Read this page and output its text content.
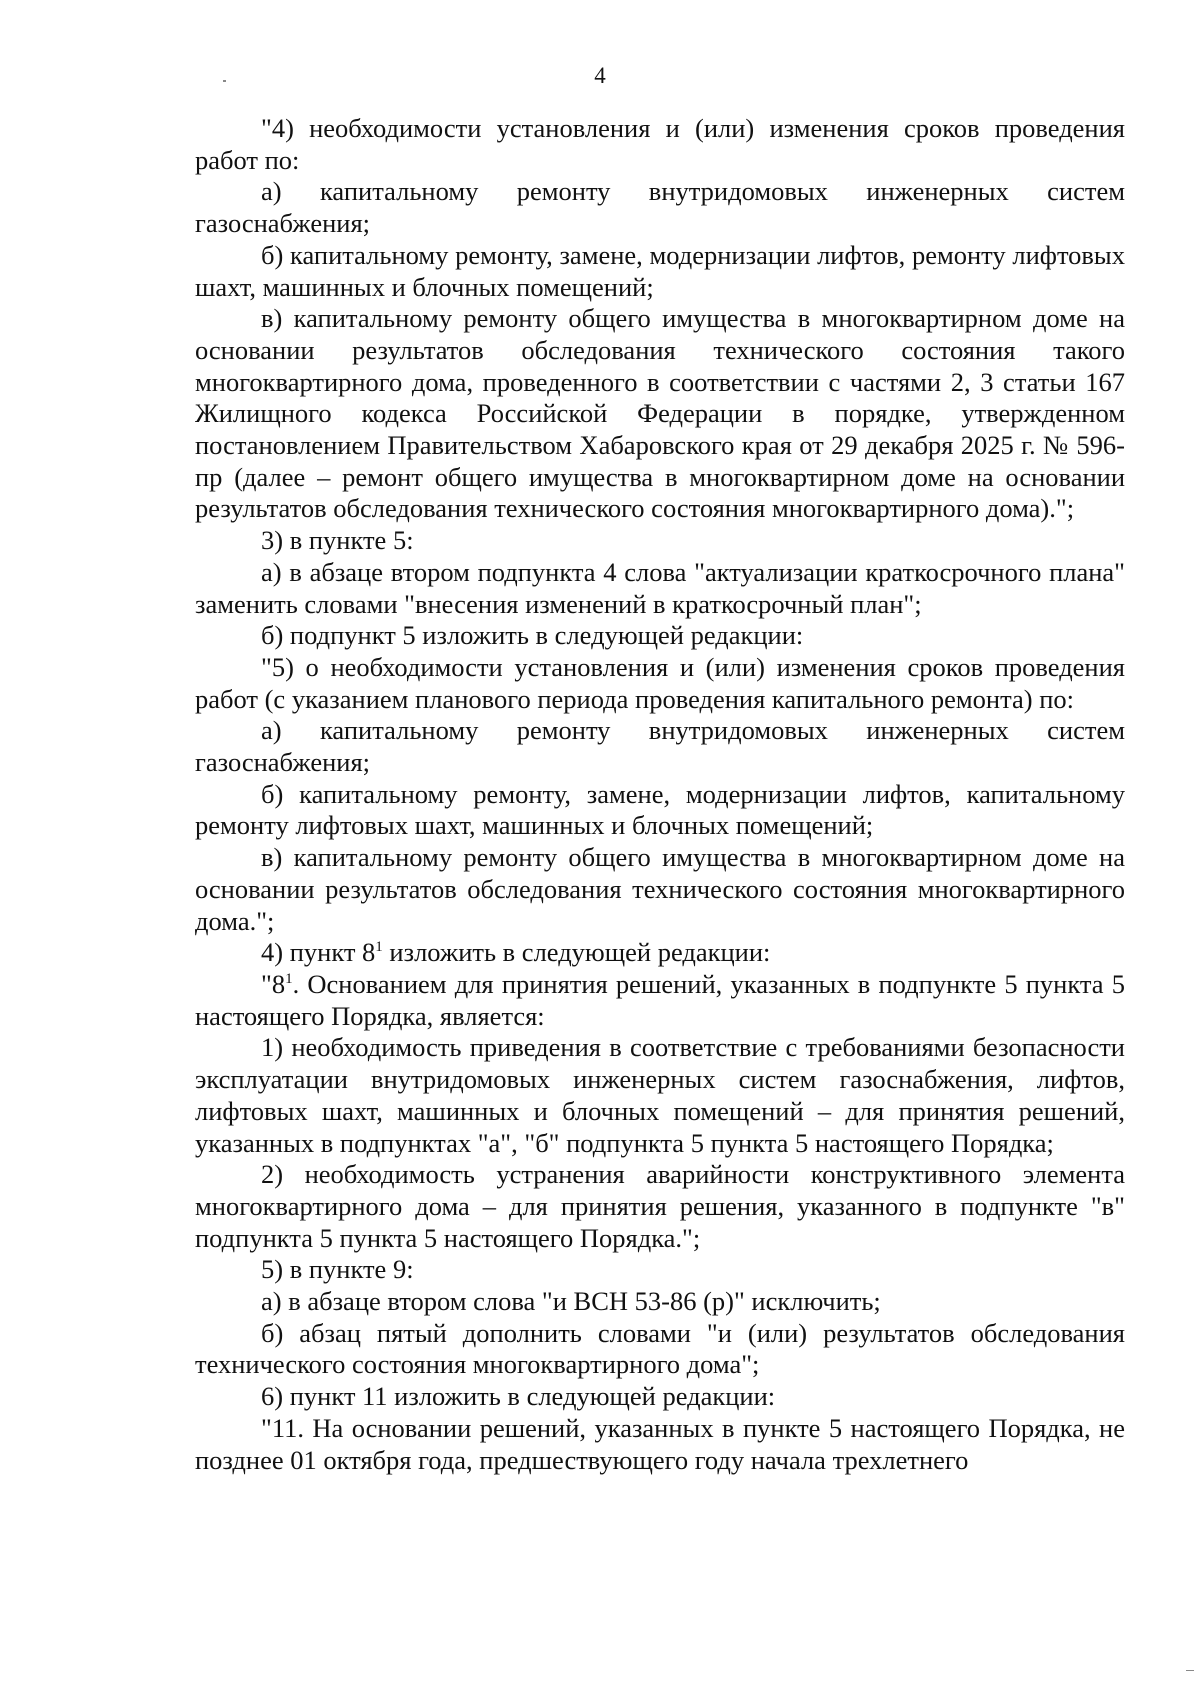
4

"4) необходимости установления и (или) изменения сроков проведения работ по:

а) капитальному ремонту внутридомовых инженерных систем газоснабжения;

б) капитальному ремонту, замене, модернизации лифтов, ремонту лифтовых шахт, машинных и блочных помещений;

в) капитальному ремонту общего имущества в многоквартирном доме на основании результатов обследования технического состояния такого многоквартирного дома, проведенного в соответствии с частями 2, 3 статьи 167 Жилищного кодекса Российской Федерации в порядке, утвержденном постановлением Правительством Хабаровского края от 29 декабря 2025 г. № 596-пр (далее – ремонт общего имущества в многоквартирном доме на основании результатов обследования технического состояния многоквартирного дома).";

3) в пункте 5:

а) в абзаце втором подпункта 4 слова "актуализации краткосрочного плана" заменить словами "внесения изменений в краткосрочный план";

б) подпункт 5 изложить в следующей редакции:

"5) о необходимости установления и (или) изменения сроков проведения работ (с указанием планового периода проведения капитального ремонта) по:

а) капитальному ремонту внутридомовых инженерных систем газоснабжения;

б) капитальному ремонту, замене, модернизации лифтов, капитальному ремонту лифтовых шахт, машинных и блочных помещений;

в) капитальному ремонту общего имущества в многоквартирном доме на основании результатов обследования технического состояния многоквартирного дома.";

4) пункт $8^1$ изложить в следующей редакции:

"$8^1$. Основанием для принятия решений, указанных в подпункте 5 пункта 5 настоящего Порядка, является:

1) необходимость приведения в соответствие с требованиями безопасности эксплуатации внутридомовых инженерных систем газоснабжения, лифтов, лифтовых шахт, машинных и блочных помещений – для принятия решений, указанных в подпунктах "а", "б" подпункта 5 пункта 5 настоящего Порядка;

2) необходимость устранения аварийности конструктивного элемента многоквартирного дома – для принятия решения, указанного в подпункте "в" подпункта 5 пункта 5 настоящего Порядка.";

5) в пункте 9:

а) в абзаце втором слова "и ВСН 53-86 (р)" исключить;

б) абзац пятый дополнить словами "и (или) результатов обследования технического состояния многоквартирного дома";

6) пункт 11 изложить в следующей редакции:

"11. На основании решений, указанных в пункте 5 настоящего Порядка, не позднее 01 октября года, предшествующего году начала трехлетнего
